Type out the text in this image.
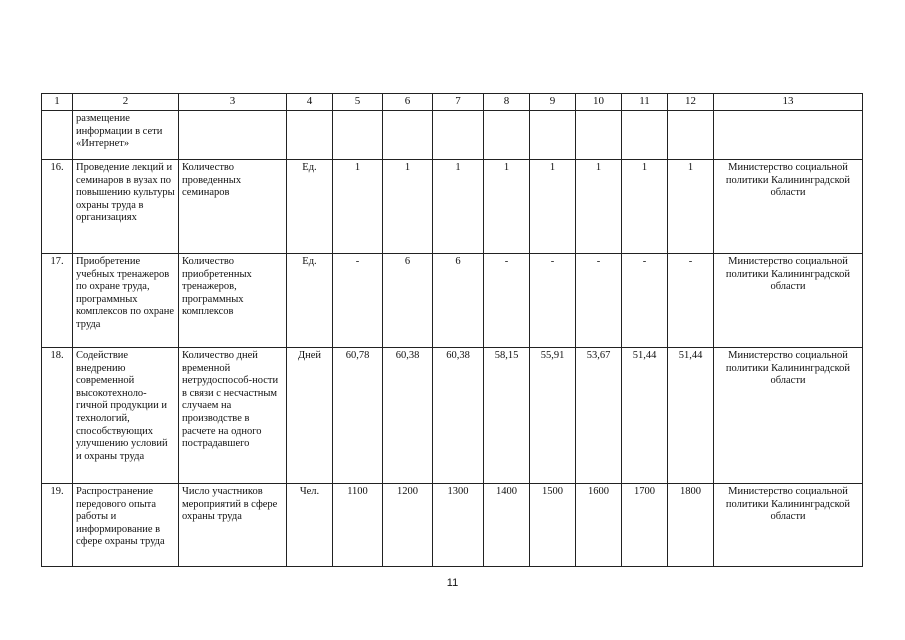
1	2	3	4	5	6	7	8	9	10	11	12	13
	размещение информации в сети «Интернет»											
16.	Проведение лекций и семинаров в вузах по повышению культуры охраны труда в организациях	Количество проведенных семинаров	Ед.	1	1	1	1	1	1	1	1	Министерство социальной политики Калининградской области
17.	Приобретение учебных тренажеров по охране труда, программных комплексов по охране труда	Количество приобретенных тренажеров, программных комплексов	Ед.	-	6	6	-	-	-	-	-	Министерство социальной политики Калининградской области
18.	Содействие внедрению современной высокотехноло-гичной продукции и технологий, способствующих улучшению условий и охраны труда	Количество дней временной нетрудоспособ-ности в связи с несчастным случаем на производстве в расчете на одного пострадавшего	Дней	60,78	60,38	60,38	58,15	55,91	53,67	51,44	51,44	Министерство социальной политики Калининградской области
19.	Распространение передового опыта работы и информирование в сфере охраны труда	Число участников мероприятий в сфере охраны труда	Чел.	1100	1200	1300	1400	1500	1600	1700	1800	Министерство социальной политики Калининградской области
11
